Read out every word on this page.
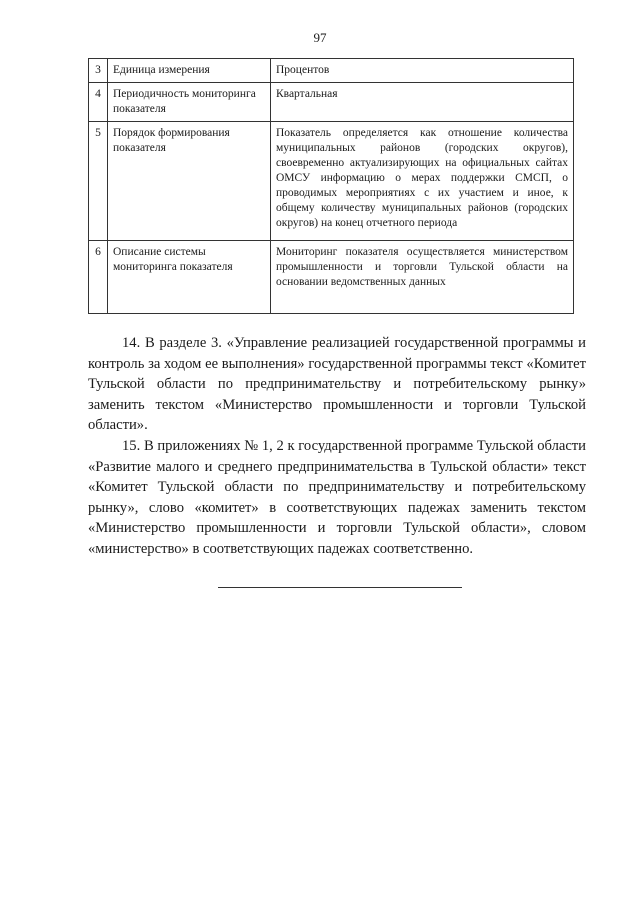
97
3	Единица измерения	Процентов
4	Периодичность мониторинга показателя	Квартальная
5	Порядок формирования показателя	Показатель определяется как отношение количества муниципальных районов (городских округов), своевременно актуализирующих на официальных сайтах ОМСУ информацию о мерах поддержки СМСП, о проводимых мероприятиях с их участием и иное, к общему количеству муниципальных районов (городских округов) на конец отчетного периода
6	Описание системы мониторинга показателя	Мониторинг показателя осуществляется министерством промышленности и торговли Тульской области на основании ведомственных данных

14. В разделе 3. «Управление реализацией государственной программы и контроль за ходом ее выполнения» государственной программы текст «Комитет Тульской области по предпринимательству и потребительскому рынку» заменить текстом «Министерство промышленности и торговли Тульской области».

15. В приложениях № 1, 2 к государственной программе Тульской области «Развитие малого и среднего предпринимательства в Тульской области» текст «Комитет Тульской области по предпринимательству и потребительскому рынку», слово «комитет» в соответствующих падежах заменить текстом «Министерство промышленности и торговли Тульской области», словом «министерство» в соответствующих падежах соответственно.
